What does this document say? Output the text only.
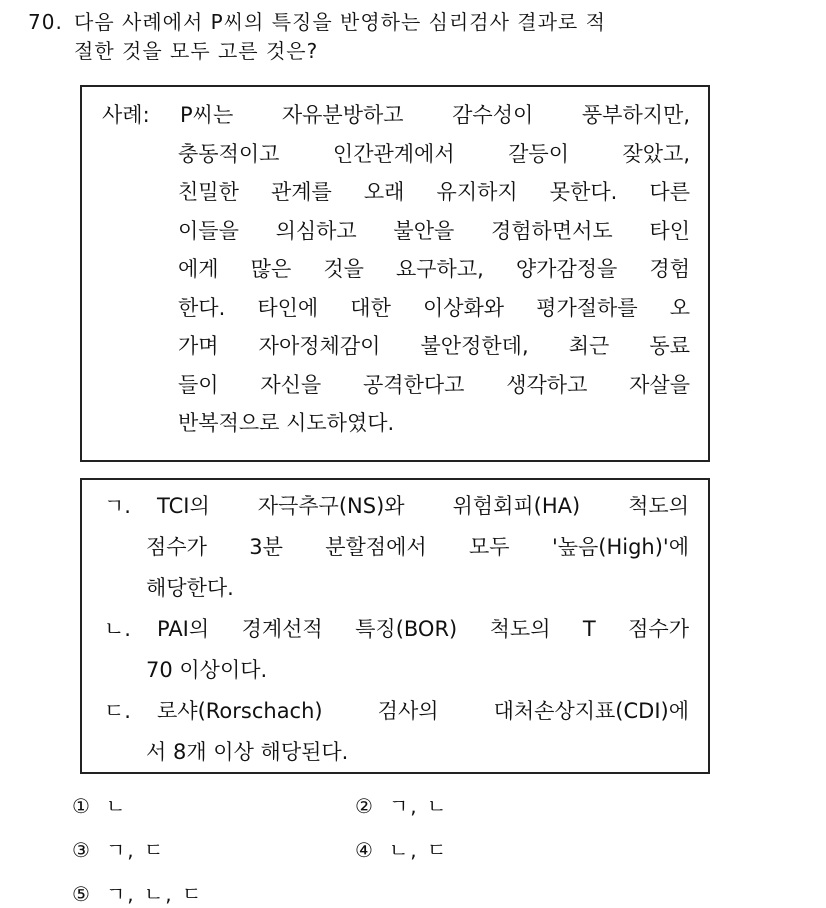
70. 다음 사례에서 P씨의 특징을 반영하는 심리검사 결과로 적
절한 것을 모두 고른 것은?
사례: P씨는 자유분방하고 감수성이 풍부하지만,
충동적이고 인간관계에서 갈등이 잦았고,
친밀한 관계를 오래 유지하지 못한다. 다른
이들을 의심하고 불안을 경험하면서도 타인
에게 많은 것을 요구하고, 양가감정을 경험
한다. 타인에 대한 이상화와 평가절하를 오
가며 자아정체감이 불안정한데, 최근 동료
들이 자신을 공격한다고 생각하고 자살을
반복적으로 시도하였다.
ㄱ. TCI의 자극추구(NS)와 위험회피(HA) 척도의
점수가 3분 분할점에서 모두 '높음(High)'에
해당한다.
ㄴ. PAI의 경계선적 특징(BOR) 척도의 T 점수가
70 이상이다.
ㄷ. 로샤(Rorschach) 검사의 대처손상지표(CDI)에
서 8개 이상 해당된다.
① ㄴ	② ㄱ, ㄴ
③ ㄱ, ㄷ	④ ㄴ, ㄷ
⑤ ㄱ, ㄴ, ㄷ
